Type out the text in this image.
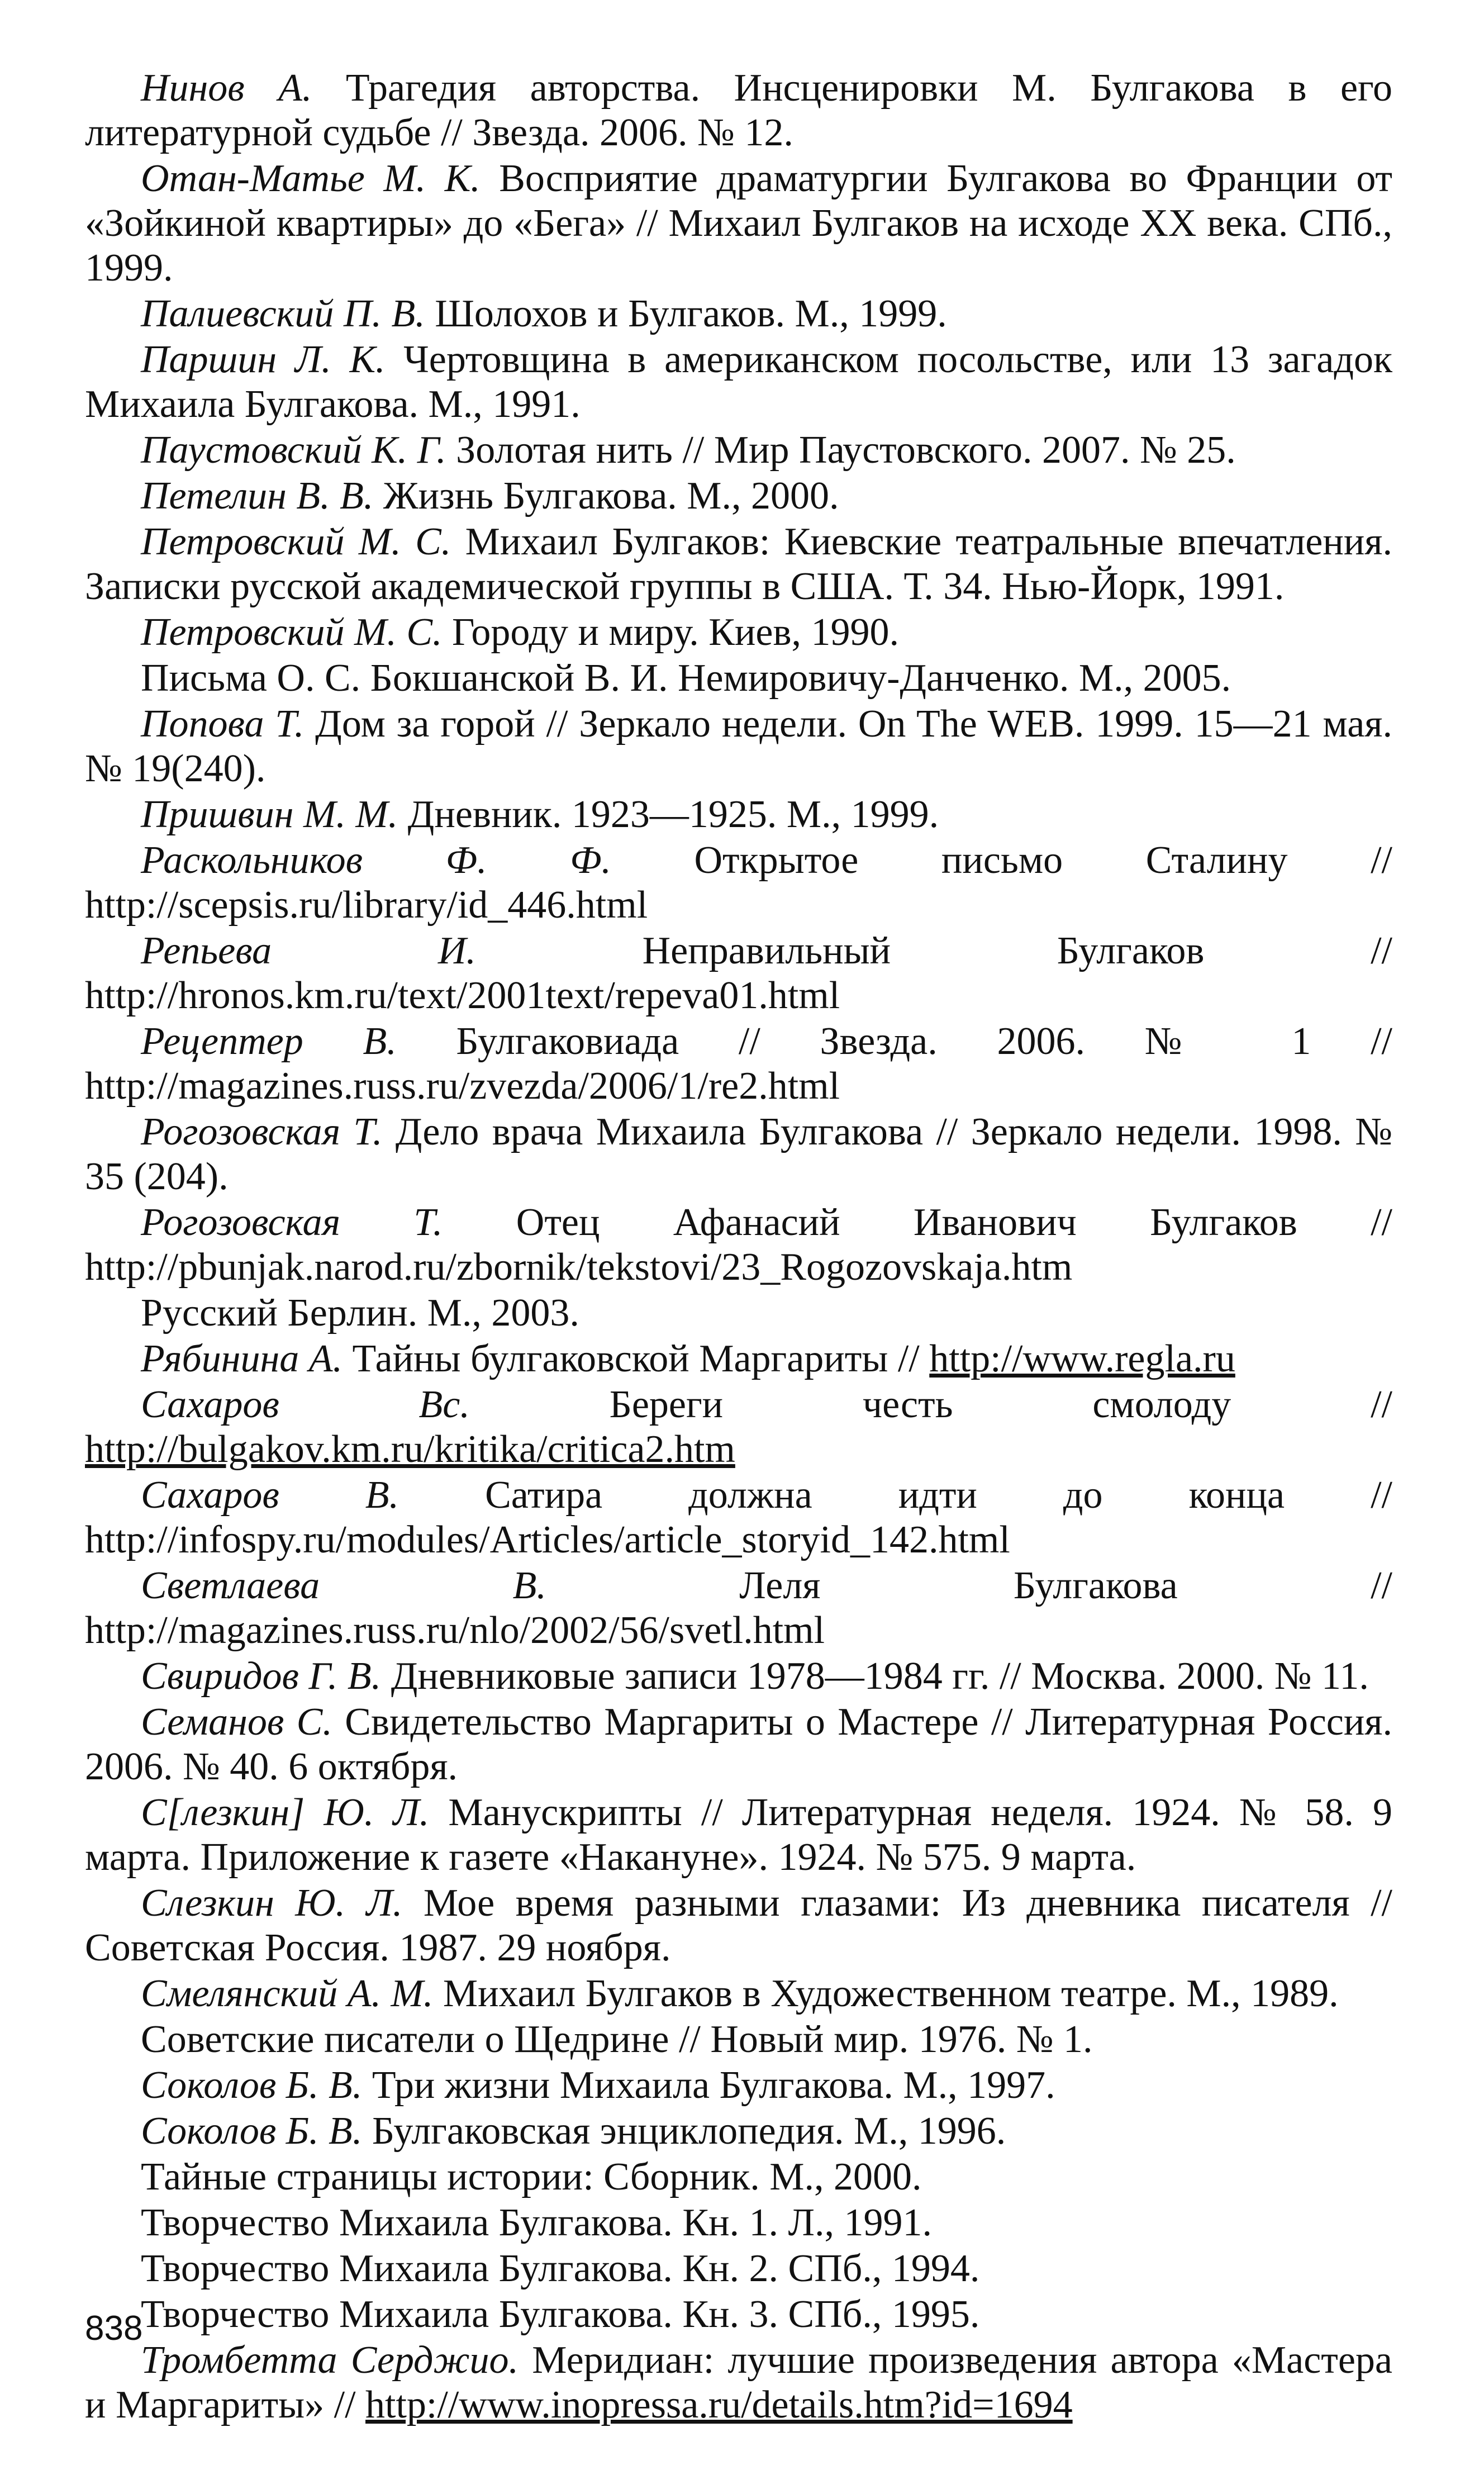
Нинов А. Трагедия авторства. Инсценировки М. Булгакова в его литературной судьбе // Звезда. 2006. № 12.

Отан-Матье М. К. Восприятие драматургии Булгакова во Франции от «Зойкиной квартиры» до «Бега» // Михаил Булгаков на исходе XX века. СПб., 1999.

Палиевский П. В. Шолохов и Булгаков. М., 1999.

Паршин Л. К. Чертовщина в американском посольстве, или 13 загадок Михаила Булгакова. М., 1991.

Паустовский К. Г. Золотая нить // Мир Паустовского. 2007. № 25.

Петелин В. В. Жизнь Булгакова. М., 2000.

Петровский М. С. Михаил Булгаков: Киевские театральные впечатления. Записки русской академической группы в США. Т. 34. Нью-Йорк, 1991.

Петровский М. С. Городу и миру. Киев, 1990.

Письма О. С. Бокшанской В. И. Немировичу-Данченко. М., 2005.

Попова Т. Дом за горой // Зеркало недели. On The WEB. 1999. 15—21 мая. № 19(240).

Пришвин М. М. Дневник. 1923—1925. М., 1999.

Раскольников Ф. Ф. Открытое письмо Сталину // http://scepsis.ru/library/id_446.html

Репьева И. Неправильный Булгаков // http://hronos.km.ru/text/2001text/repeva01.html

Рецептер В. Булгаковиада // Звезда. 2006. № 1 // http://magazines.russ.ru/zvezda/2006/1/re2.html

Рогозовская Т. Дело врача Михаила Булгакова // Зеркало недели. 1998. № 35 (204).

Рогозовская Т. Отец Афанасий Иванович Булгаков // http://pbunjak.narod.ru/zbornik/tekstovi/23_Rogozovskaja.htm

Русский Берлин. М., 2003.

Рябинина А. Тайны булгаковской Маргариты // http://www.regla.ru

Сахаров Вс. Береги честь смолоду // http://bulgakov.km.ru/kritika/critica2.htm

Сахаров В. Сатира должна идти до конца // http://infospy.ru/modules/Articles/article_storyid_142.html

Светлаева В. Леля Булгакова // http://magazines.russ.ru/nlo/2002/56/svetl.html

Свиридов Г. В. Дневниковые записи 1978—1984 гг. // Москва. 2000. № 11.

Семанов С. Свидетельство Маргариты о Мастере // Литературная Россия. 2006. № 40. 6 октября.

С[лезкин] Ю. Л. Манускрипты // Литературная неделя. 1924. № 58. 9 марта. Приложение к газете «Накануне». 1924. № 575. 9 марта.

Слезкин Ю. Л. Мое время разными глазами: Из дневника писателя // Советская Россия. 1987. 29 ноября.

Смелянский А. М. Михаил Булгаков в Художественном театре. М., 1989.

Советские писатели о Щедрине // Новый мир. 1976. № 1.

Соколов Б. В. Три жизни Михаила Булгакова. М., 1997.

Соколов Б. В. Булгаковская энциклопедия. М., 1996.

Тайные страницы истории: Сборник. М., 2000.

Творчество Михаила Булгакова. Кн. 1. Л., 1991.

Творчество Михаила Булгакова. Кн. 2. СПб., 1994.

Творчество Михаила Булгакова. Кн. 3. СПб., 1995.

Тромбетта Серджио. Меридиан: лучшие произведения автора «Мастера и Маргариты» // http://www.inopressa.ru/details.htm?id=1694

838
